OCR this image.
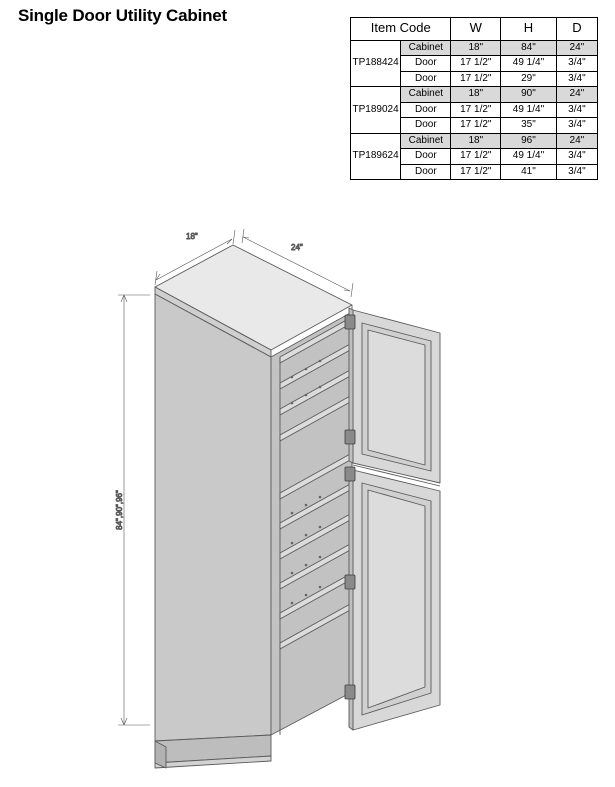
Single Door Utility Cabinet
Item Code		W	H	D
TP188424	Cabinet	18"	84"	24"
	Door	17 1/2"	49 1/4"	3/4"
	Door	17 1/2"	29"	3/4"
TP189024	Cabinet	18"	90"	24"
	Door	17 1/2"	49 1/4"	3/4"
	Door	17 1/2"	35"	3/4"
TP189624	Cabinet	18"	96"	24"
	Door	17 1/2"	49 1/4"	3/4"
	Door	17 1/2"	41"	3/4"
18"
24"
84",90",96"
